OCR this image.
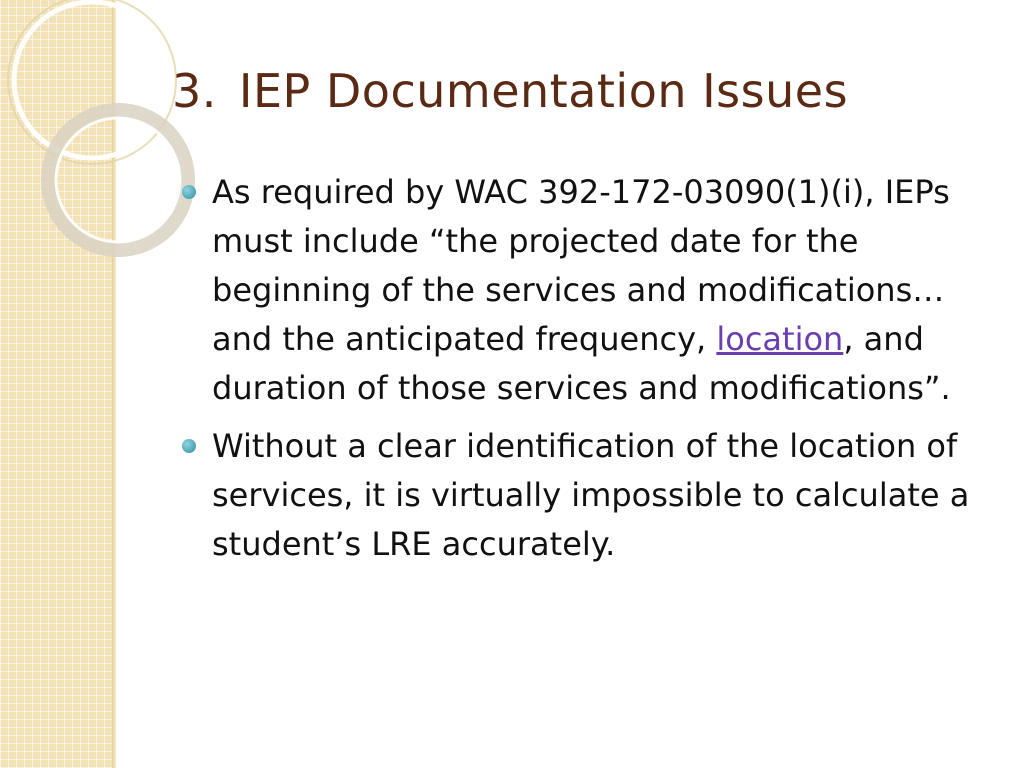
3. IEP Documentation Issues
As required by WAC 392-172-03090(1)(i), IEPs must include “the projected date for the beginning of the services and modifications… and the anticipated frequency, location, and duration of those services and modifications”.
Without a clear identification of the location of services, it is virtually impossible to calculate a student’s LRE accurately.
